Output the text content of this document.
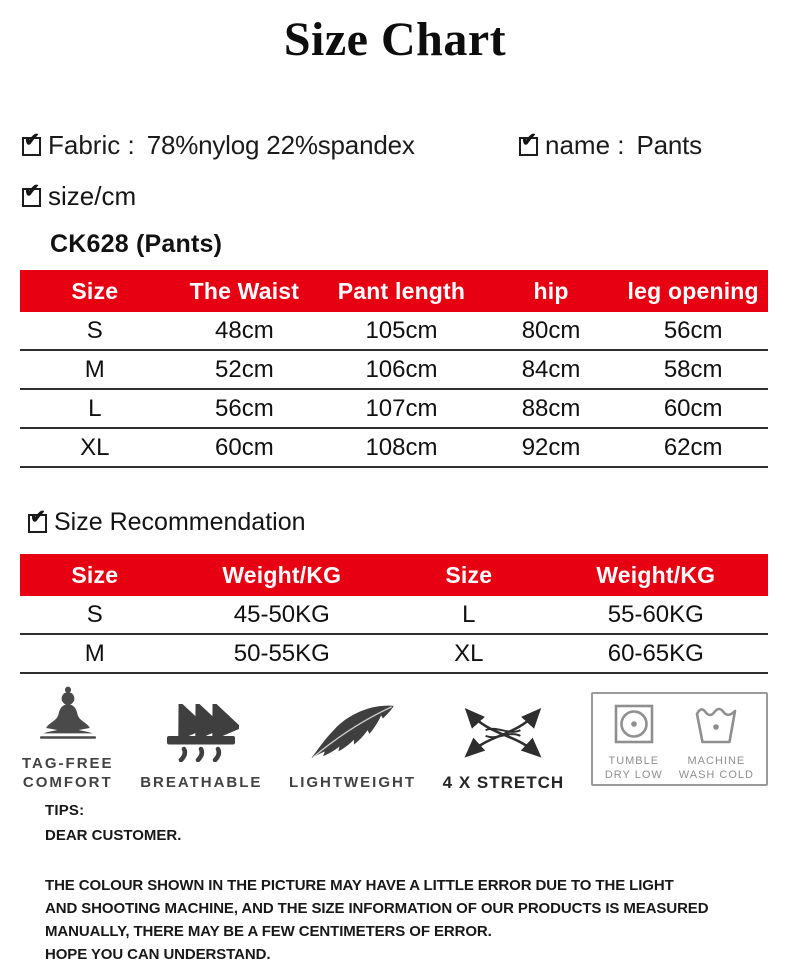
Size Chart
✔
Fabric : 78%nylog 22%spandex ✔	name : Pants
✔
size/cm
CK628 (Pants)
Size	The Waist	Pant length	hip	leg opening
S	48cm	105cm	80cm	56cm
M	52cm	106cm	84cm	58cm
L	56cm	107cm	88cm	60cm
XL	60cm	108cm	92cm	62cm
✔
Size Recommendation
Size	Weight/KG	Size	Weight/KG
S	45-50KG	L	55-60KG
M	50-55KG	XL	60-65KG
TAG-FREE
COMFORT BREATHABLE LIGHTWEIGHT 4 X STRETCH
TUMBLE
DRY LOW
MACHINE
WASH COLD
TIPS:
DEAR CUSTOMER.
THE COLOUR SHOWN IN THE PICTURE MAY HAVE A LITTLE ERROR DUE TO THE LIGHT
AND SHOOTING MACHINE, AND THE SIZE INFORMATION OF OUR PRODUCTS IS MEASURED
MANUALLY, THERE MAY BE A FEW CENTIMETERS OF ERROR.
HOPE YOU CAN UNDERSTAND.
